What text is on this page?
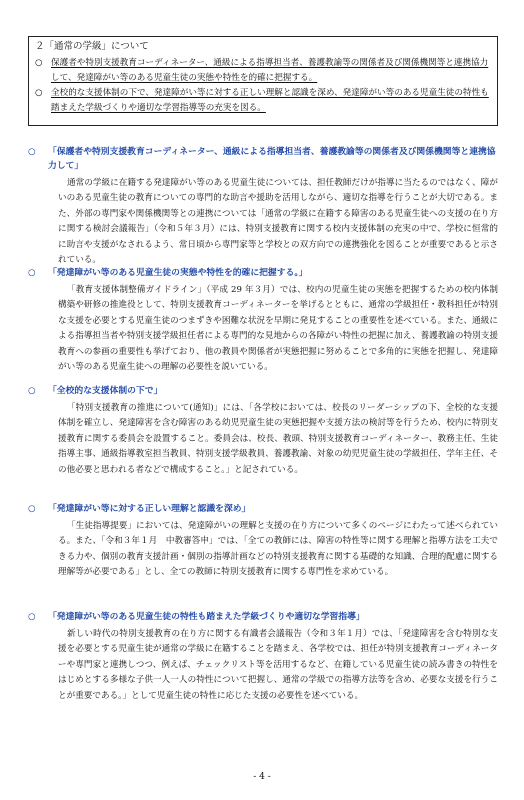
２「通常の学級」について
○ 保護者や特別支援教育コーディネーター、通級による指導担当者、養護教諭等の関係者及び関係機関等と連携協力して、発達障がい等のある児童生徒の実態や特性を的確に把握する。
○ 全校的な支援体制の下で、発達障がい等に対する正しい理解と認識を深め、発達障がい等のある児童生徒の特性も踏まえた学級づくりや適切な学習指導等の充実を図る。
○	「保護者や特別支援教育コーディネーター、通級による指導担当者、養護教諭等の関係者及び関係機関等と連携協力して」
通常の学級に在籍する発達障がい等のある児童生徒については、担任教師だけが指導に当たるのではなく、障がいのある児童生徒の教育についての専門的な助言や援助を活用しながら、適切な指導を行うことが大切である。また、外部の専門家や関係機関等との連携については「通常の学級に在籍する障害のある児童生徒への支援の在り方に関する検討会議報告」（令和５年３月）には、特別支援教育に関する校内支援体制の充実の中で、学校に恒常的に助言や支援がなされるよう、常日頃から専門家等と学校との双方向での連携強化を図ることが重要であると示されている。
○	「発達障がい等のある児童生徒の実態や特性を的確に把握する。」
「教育支援体制整備ガイドライン」（平成 29 年３月）では、校内の児童生徒の実態を把握するための校内体制構築や研修の推進役として、特別支援教育コーディネーターを挙げるとともに、通常の学級担任・教科担任が特別な支援を必要とする児童生徒のつまずきや困難な状況を早期に発見することの重要性を述べている。また、通級による指導担当者や特別支援学級担任者による専門的な見地からの各障がい特性の把握に加え、養護教諭の特別支援教育への参画の重要性も挙げており、他の教員や関係者が実態把握に努めることで多角的に実態を把握し、発達障がい等のある児童生徒への理解の必要性を説いている。
○	「全校的な支援体制の下で」
「特別支援教育の推進について(通知)」には、「各学校においては、校長のリーダーシップの下、全校的な支援体制を確立し、発達障害を含む障害のある幼児児童生徒の実態把握や支援方法の検討等を行うため、校内に特別支援教育に関する委員会を設置すること。委員会は、校長、教頭、特別支援教育コーディネーター、教務主任、生徒指導主事、通級指導教室担当教員、特別支援学級教員、養護教諭、対象の幼児児童生徒の学級担任、学年主任、その他必要と思われる者などで構成すること。」と記されている。
○	「発達障がい等に対する正しい理解と認識を深め」
「生徒指導提要」においては、発達障がいの理解と支援の在り方について多くのページにわたって述べられている。また、「令和３年１月　中教審答申」では、「全ての教師には、障害の特性等に関する理解と指導方法を工夫できる力や、個別の教育支援計画・個別の指導計画などの特別支援教育に関する基礎的な知識、合理的配慮に関する理解等が必要である」とし、全ての教師に特別支援教育に関する専門性を求めている。
○	「発達障がい等のある児童生徒の特性も踏まえた学級づくりや適切な学習指導」
新しい時代の特別支援教育の在り方に関する有識者会議報告（令和３年１月）では、「発達障害を含む特別な支援を必要とする児童生徒が通常の学級に在籍することを踏まえ、各学校では、担任が特別支援教育コーディネーターや専門家と連携しつつ、例えば、チェックリスト等を活用するなど、在籍している児童生徒の読み書きの特性をはじめとする多様な子供一人一人の特性について把握し、通常の学級での指導方法等を含め、必要な支援を行うことが重要である。」として児童生徒の特性に応じた支援の必要性を述べている。
- 4 -
